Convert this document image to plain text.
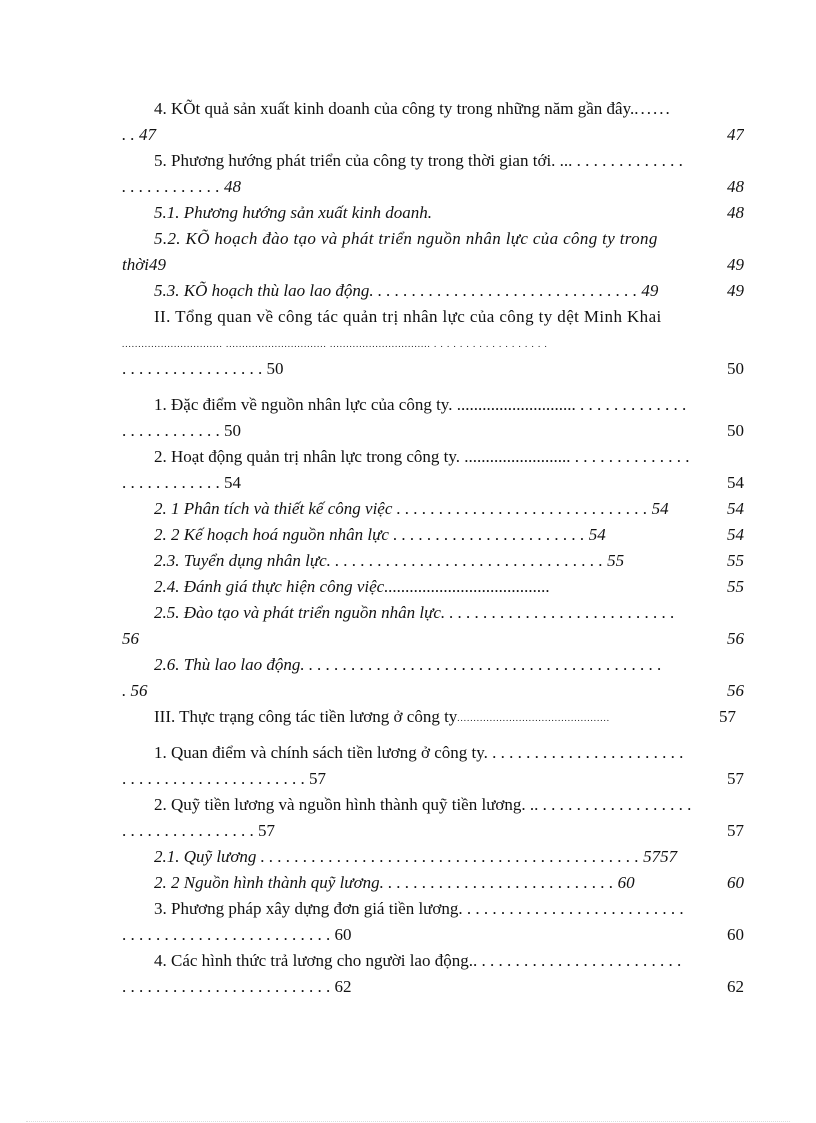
4. KÕt quả sản xuất kinh doanh của công ty trong những năm gần đây.......
. . 47	47
5. Phương hướng phát triển của công ty trong thời gian tới. ... . . . . . . . . . . . . .
. . . . . . . . . . . . 48	48
5.1. Phương hướng sản xuất kinh doanh.	48
5.2. KÕ hoạch đào tạo và phát triển nguồn nhân lực của công ty trong
thời49	49
5.3. KÕ hoạch thù lao lao động. . . . . . . . . . . . . . . . . . . . . . . . . . . . . . . . 49	49
II. Tổng quan về công tác quản trị nhân lực của công ty dệt Minh Khai
............................... ............................... ............................... . . . . . . . . . . . . . . . . . .
. . . . . . . . . . . . . . . . . 50	50
1. Đặc điểm về nguồn nhân lực của công ty. ............................ . . . . . . . . . . . . .
. . . . . . . . . . . . 50	50
2. Hoạt động quản trị nhân lực trong công ty. ......................... . . . . . . . . . . . . . .
. . . . . . . . . . . . 54	54
2. 1 Phân tích và thiết kế công việc . . . . . . . . . . . . . . . . . . . . . . . . . . . . . . 54	54
2. 2 Kế hoạch hoá nguồn nhân lực . . . . . . . . . . . . . . . . . . . . . . . 54	54
2.3. Tuyển dụng nhân lực. . . . . . . . . . . . . . . . . . . . . . . . . . . . . . . . . 55	55
2.4. Đánh giá thực hiện công việc.......................................	55
2.5. Đào tạo và phát triển nguồn nhân lực. . . . . . . . . . . . . . . . . . . . . . . . . . . .
56	56
2.6. Thù lao lao động. . . . . . . . . . . . . . . . . . . . . . . . . . . . . . . . . . . . . . . . . . .
. 56	56
III. Thực trạng công tác tiền lương ở công ty...............................................	57
1. Quan điểm và chính sách tiền lương ở công ty. . . . . . . . . . . . . . . . . . . . . . . .
. . . . . . . . . . . . . . . . . . . . . . 57	57
2. Quỹ tiền lương và nguồn hình thành quỹ tiền lương. .. . . . . . . . . . . . . . . . . . .
. . . . . . . . . . . . . . . . 57	57
2.1. Quỹ lương . . . . . . . . . . . . . . . . . . . . . . . . . . . . . . . . . . . . . . . . . . . . . 5757
2. 2 Nguồn hình thành quỹ lương. . . . . . . . . . . . . . . . . . . . . . . . . . . . 60	60
3. Phương pháp xây dựng đơn giá tiền lương. . . . . . . . . . . . . . . . . . . . . . . . . . .
. . . . . . . . . . . . . . . . . . . . . . . . . 60	60
4. Các hình thức trả lương cho người lao động.. . . . . . . . . . . . . . . . . . . . . . . . .
. . . . . . . . . . . . . . . . . . . . . . . . . 62	62
